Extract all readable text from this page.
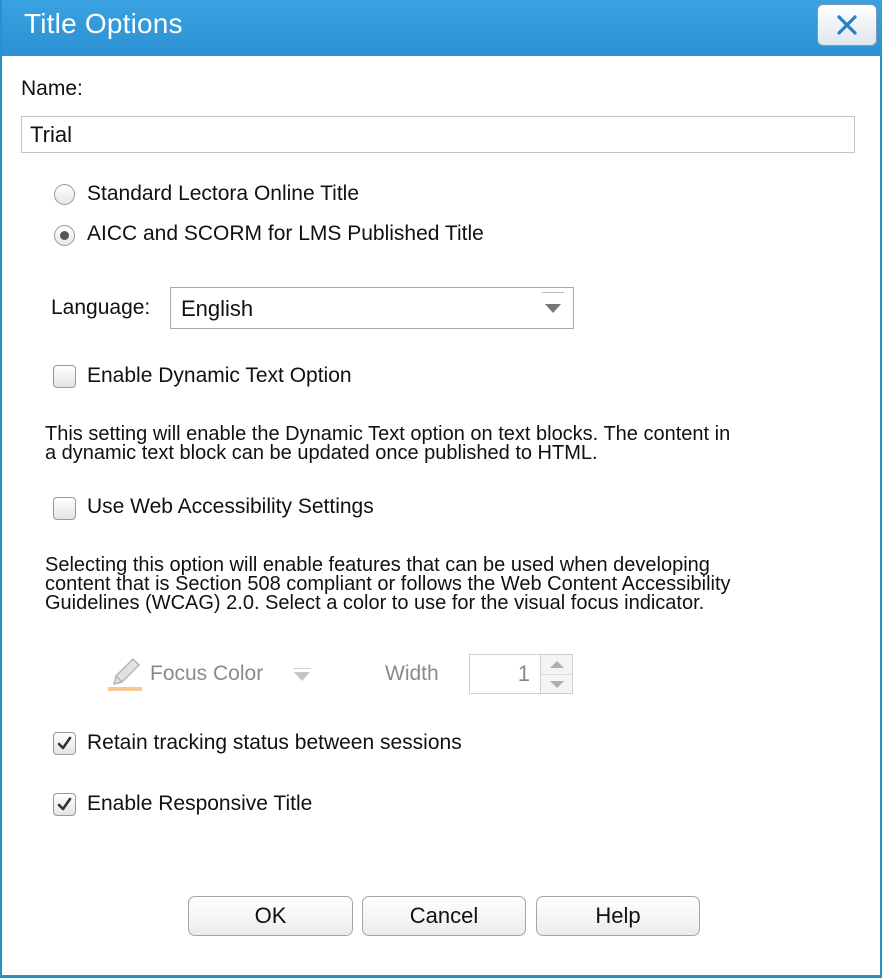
Title Options
Name:
Trial
Standard Lectora Online Title
AICC and SCORM for LMS Published Title
Language: English
Enable Dynamic Text Option
This setting will enable the Dynamic Text option on text blocks. The content in
a dynamic text block can be updated once published to HTML.
Use Web Accessibility Settings
Selecting this option will enable features that can be used when developing
content that is Section 508 compliant or follows the Web Content Accessibility
Guidelines (WCAG) 2.0. Select a color to use for the visual focus indicator.
Focus Color	Width
1
Retain tracking status between sessions
Enable Responsive Title
OK	Cancel	Help
